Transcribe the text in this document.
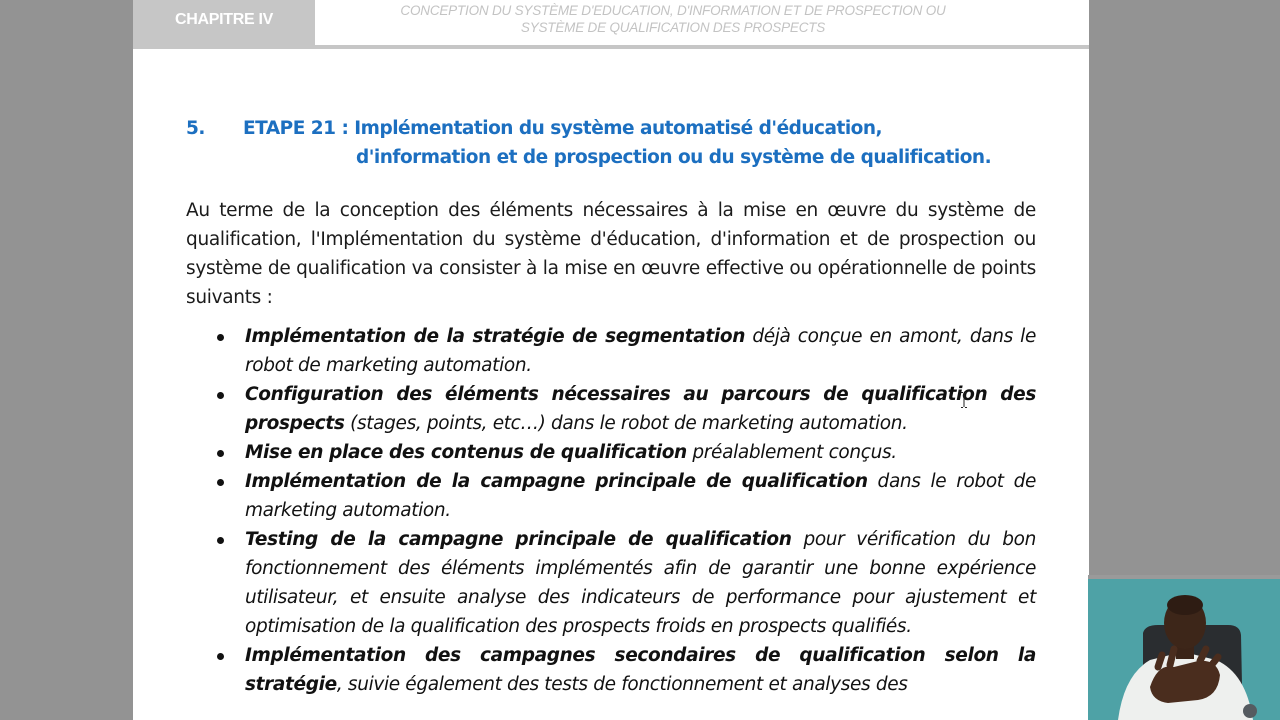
CHAPITRE IV	CONCEPTION DU SYSTÈME D'EDUCATION, D'INFORMATION ET DE PROSPECTION OU
SYSTÈME DE QUALIFICATION DES PROSPECTS
5. ETAPE 21 : Implémentation du système automatisé d'éducation,
d'information et de prospection ou du système de qualification.
Au terme de la conception des éléments nécessaires à la mise en œuvre du système de qualification, l'Implémentation du système d'éducation, d'information et de prospection ou système de qualification va consister à la mise en œuvre effective ou opérationnelle de points suivants :
Implémentation de la stratégie de segmentation déjà conçue en amont, dans le robot de marketing automation.
Configuration des éléments nécessaires au parcours de qualification des prospects (stages, points, etc…) dans le robot de marketing automation.
Mise en place des contenus de qualification préalablement conçus.
Implémentation de la campagne principale de qualification dans le robot de marketing automation.
Testing de la campagne principale de qualification pour vérification du bon fonctionnement des éléments implémentés afin de garantir une bonne expérience utilisateur, et ensuite analyse des indicateurs de performance pour ajustement et optimisation de la qualification des prospects froids en prospects qualifiés.
Implémentation des campagnes secondaires de qualification selon la stratégie, suivie également des tests de fonctionnement et analyses des
